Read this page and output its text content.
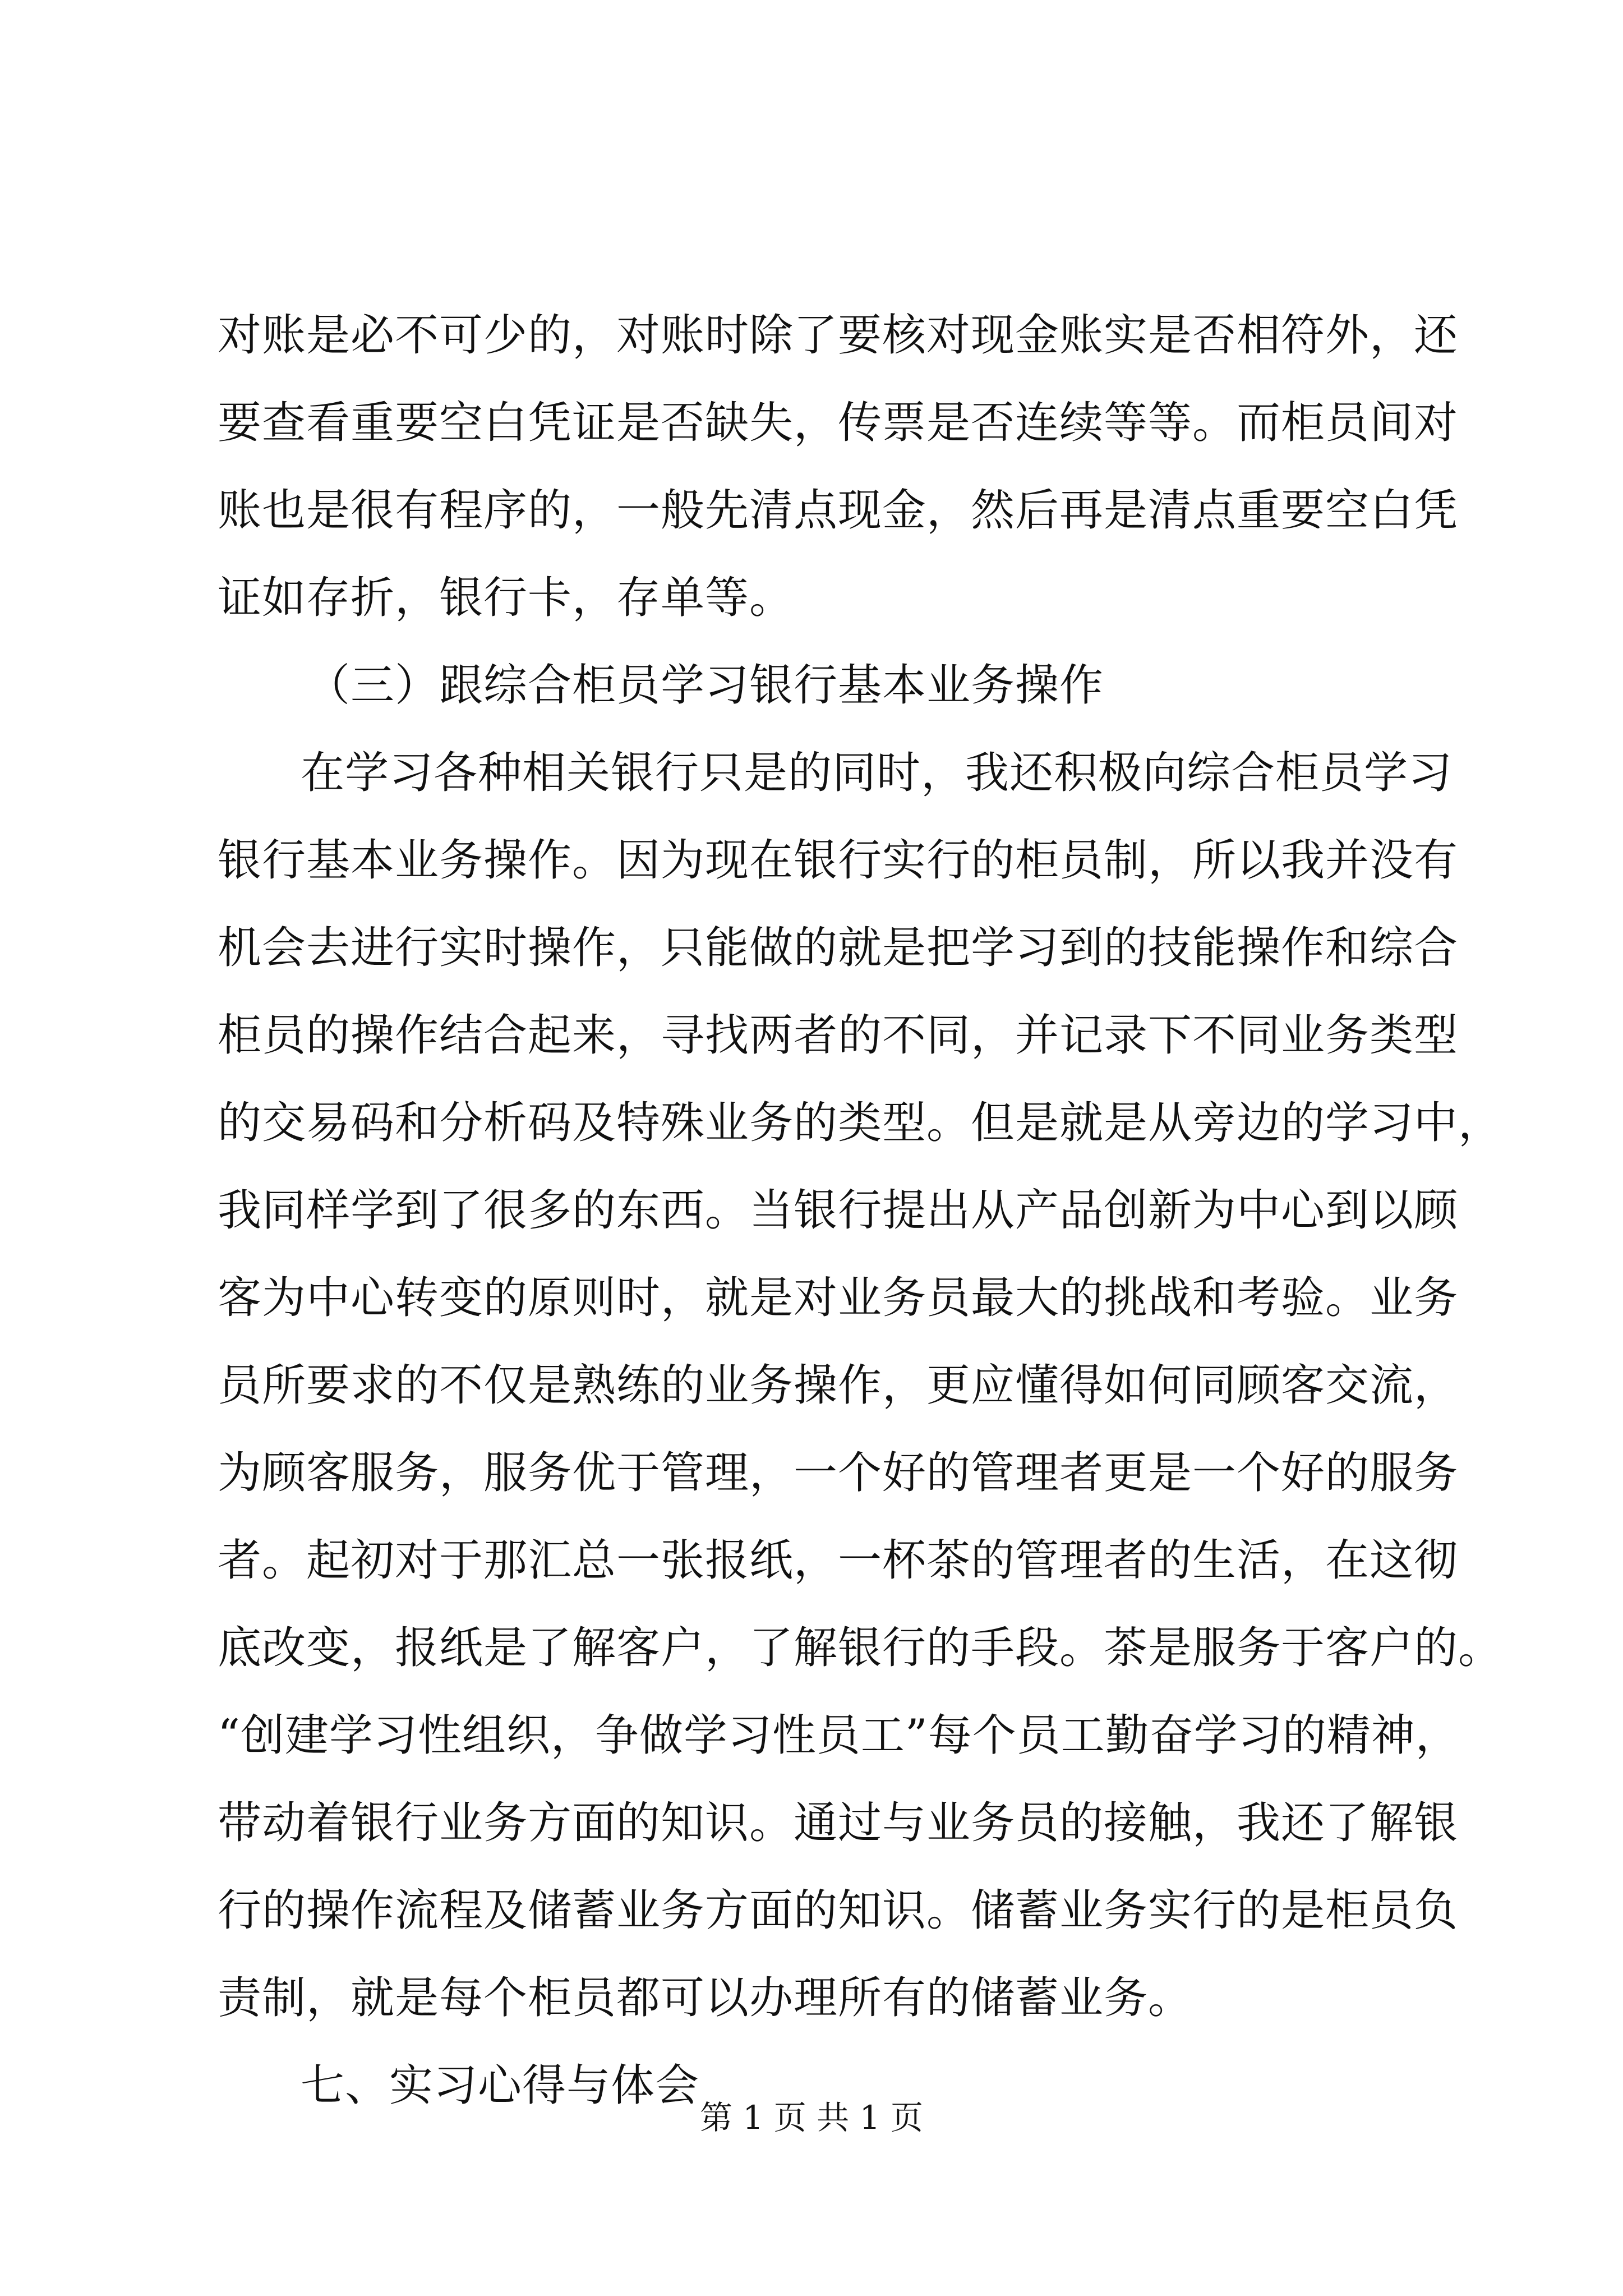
对账是必不可少的，对账时除了要核对现金账实是否相符外，还
要查看重要空白凭证是否缺失，传票是否连续等等。而柜员间对
账也是很有程序的，一般先清点现金，然后再是清点重要空白凭
证如存折，银行卡，存单等。
（三）跟综合柜员学习银行基本业务操作
在学习各种相关银行只是的同时，我还积极向综合柜员学习
银行基本业务操作。因为现在银行实行的柜员制，所以我并没有
机会去进行实时操作，只能做的就是把学习到的技能操作和综合
柜员的操作结合起来，寻找两者的不同，并记录下不同业务类型
的交易码和分析码及特殊业务的类型。但是就是从旁边的学习中，
我同样学到了很多的东西。当银行提出从产品创新为中心到以顾
客为中心转变的原则时，就是对业务员最大的挑战和考验。业务
员所要求的不仅是熟练的业务操作，更应懂得如何同顾客交流，
为顾客服务，服务优于管理，一个好的管理者更是一个好的服务
者。起初对于那汇总一张报纸，一杯茶的管理者的生活，在这彻
底改变，报纸是了解客户，了解银行的手段。茶是服务于客户的。
“创建学习性组织，争做学习性员工”每个员工勤奋学习的精神，
带动着银行业务方面的知识。通过与业务员的接触，我还了解银
行的操作流程及储蓄业务方面的知识。储蓄业务实行的是柜员负
责制，就是每个柜员都可以办理所有的储蓄业务。
七、实习心得与体会
第 1 页 共 1 页
